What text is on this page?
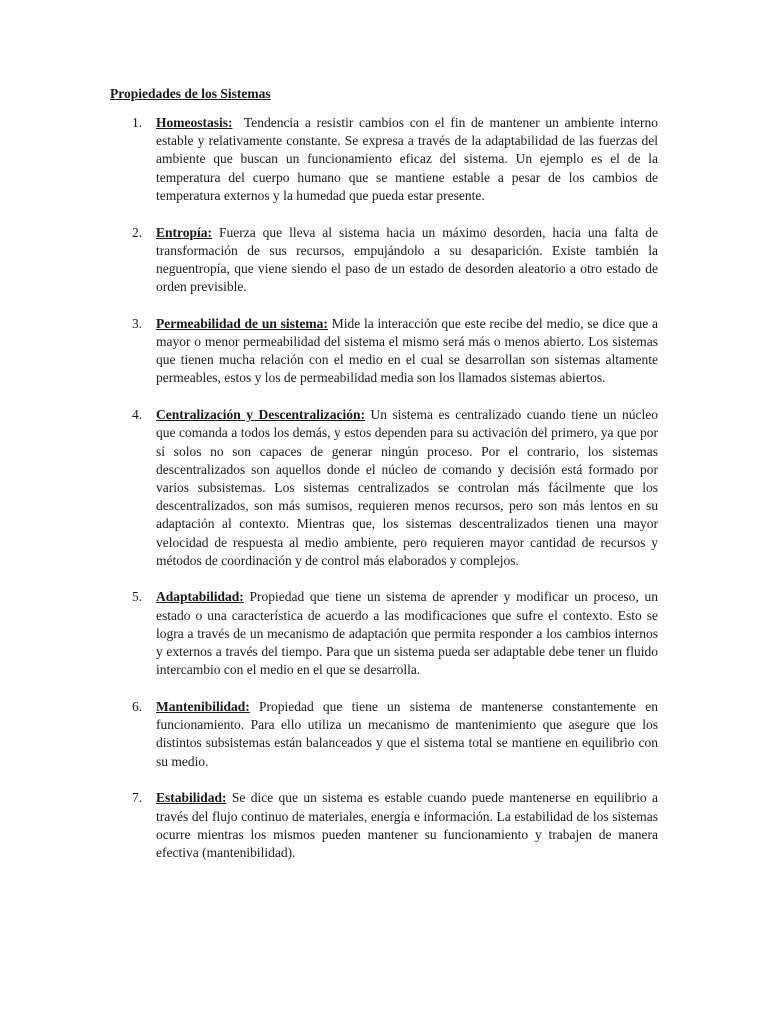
Propiedades de los Sistemas
1. Homeostasis: Tendencia a resistir cambios con el fin de mantener un ambiente interno estable y relativamente constante. Se expresa a través de la adaptabilidad de las fuerzas del ambiente que buscan un funcionamiento eficaz del sistema. Un ejemplo es el de la temperatura del cuerpo humano que se mantiene estable a pesar de los cambios de temperatura externos y la humedad que pueda estar presente.
2. Entropía: Fuerza que lleva al sistema hacia un máximo desorden, hacia una falta de transformación de sus recursos, empujándolo a su desaparición. Existe también la neguentropía, que viene siendo el paso de un estado de desorden aleatorio a otro estado de orden previsible.
3. Permeabilidad de un sistema: Mide la interacción que este recibe del medio, se dice que a mayor o menor permeabilidad del sistema el mismo será más o menos abierto. Los sistemas que tienen mucha relación con el medio en el cual se desarrollan son sistemas altamente permeables, estos y los de permeabilidad media son los llamados sistemas abiertos.
4. Centralización y Descentralización: Un sistema es centralizado cuando tiene un núcleo que comanda a todos los demás, y estos dependen para su activación del primero, ya que por sí solos no son capaces de generar ningún proceso. Por el contrario, los sistemas descentralizados son aquellos donde el núcleo de comando y decisión está formado por varios subsistemas. Los sistemas centralizados se controlan más fácilmente que los descentralizados, son más sumisos, requieren menos recursos, pero son más lentos en su adaptación al contexto. Mientras que, los sistemas descentralizados tienen una mayor velocidad de respuesta al medio ambiente, pero requieren mayor cantidad de recursos y métodos de coordinación y de control más elaborados y complejos.
5. Adaptabilidad: Propiedad que tiene un sistema de aprender y modificar un proceso, un estado o una característica de acuerdo a las modificaciones que sufre el contexto. Esto se logra a través de un mecanismo de adaptación que permita responder a los cambios internos y externos a través del tiempo. Para que un sistema pueda ser adaptable debe tener un fluido intercambio con el medio en el que se desarrolla.
6. Mantenibilidad: Propiedad que tiene un sistema de mantenerse constantemente en funcionamiento. Para ello utiliza un mecanismo de mantenimiento que asegure que los distintos subsistemas están balanceados y que el sistema total se mantiene en equilibrio con su medio.
7. Estabilidad: Se dice que un sistema es estable cuando puede mantenerse en equilibrio a través del flujo continuo de materiales, energía e información. La estabilidad de los sistemas ocurre mientras los mismos pueden mantener su funcionamiento y trabajen de manera efectiva (mantenibilidad).
